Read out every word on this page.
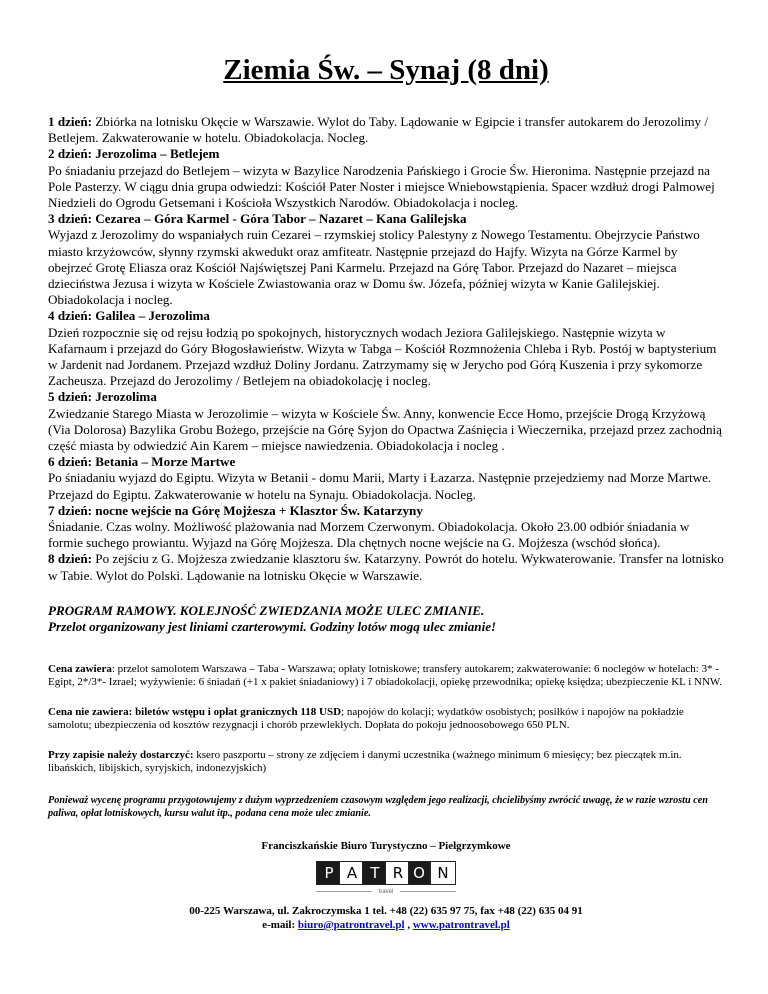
Ziemia Św. – Synaj (8 dni)

1 dzień: Zbiórka na lotnisku Okęcie w Warszawie. Wylot do Taby. Lądowanie w Egipcie i transfer autokarem do Jerozolimy / Betlejem. Zakwaterowanie w hotelu. Obiadokolacja. Nocleg.

2 dzień: Jerozolima – Betlejem

Po śniadaniu przejazd do Betlejem – wizyta w Bazylice Narodzenia Pańskiego i Grocie Św. Hieronima. Następnie przejazd na Pole Pasterzy. W ciągu dnia grupa odwiedzi: Kościół Pater Noster i miejsce Wniebowstąpienia. Spacer wzdłuż drogi Palmowej Niedzieli do Ogrodu Getsemani i Kościoła Wszystkich Narodów. Obiadokolacja i nocleg.

3 dzień: Cezarea – Góra Karmel - Góra Tabor – Nazaret – Kana Galilejska

Wyjazd z Jerozolimy do wspaniałych ruin Cezarei – rzymskiej stolicy Palestyny z Nowego Testamentu. Obejrzycie Państwo miasto krzyżowców, słynny rzymski akwedukt oraz amfiteatr. Następnie przejazd do Hajfy. Wizyta na Górze Karmel by obejrzeć Grotę Eliasza oraz Kościół Najświętszej Pani Karmelu. Przejazd na Górę Tabor. Przejazd do Nazaret – miejsca dzieciństwa Jezusa i wizyta w Kościele Zwiastowania oraz w Domu św. Józefa, później wizyta w Kanie Galilejskiej. Obiadokolacja i nocleg.

4 dzień: Galilea – Jerozolima

Dzień rozpocznie się od rejsu łodzią po spokojnych, historycznych wodach Jeziora Galilejskiego. Następnie wizyta w Kafarnaum i przejazd do Góry Błogosławieństw. Wizyta w Tabga – Kościół Rozmnożenia Chleba i Ryb. Postój w baptysterium w Jardenit nad Jordanem. Przejazd wzdłuż Doliny Jordanu. Zatrzymamy się w Jerycho pod Górą Kuszenia i przy sykomorze Zacheusza. Przejazd do Jerozolimy / Betlejem na obiadokolację i nocleg.

5 dzień: Jerozolima

Zwiedzanie Starego Miasta w Jerozolimie – wizyta w Kościele Św. Anny, konwencie Ecce Homo, przejście Drogą Krzyżową (Via Dolorosa) Bazylika Grobu Bożego, przejście na Górę Syjon do Opactwa Zaśnięcia i Wieczernika, przejazd przez zachodnią część miasta by odwiedzić Ain Karem – miejsce nawiedzenia. Obiadokolacja i nocleg .

6 dzień: Betania – Morze Martwe

Po śniadaniu wyjazd do Egiptu. Wizyta w Betanii - domu Marii, Marty i Łazarza. Następnie przejedziemy nad Morze Martwe. Przejazd do Egiptu. Zakwaterowanie w hotelu na Synaju. Obiadokolacja. Nocleg.

7 dzień: nocne wejście na Górę Mojżesza + Klasztor Św. Katarzyny

Śniadanie. Czas wolny. Możliwość plażowania nad Morzem Czerwonym. Obiadokolacja. Około 23.00 odbiór śniadania w formie suchego prowiantu. Wyjazd na Górę Mojżesza. Dla chętnych nocne wejście na G. Mojżesza (wschód słońca).

8 dzień: Po zejściu z G. Mojżesza zwiedzanie klasztoru św. Katarzyny. Powrót do hotelu. Wykwaterowanie. Transfer na lotnisko w Tabie. Wylot do Polski. Lądowanie na lotnisku Okęcie w Warszawie.

PROGRAM RAMOWY. KOLEJNOŚĆ ZWIEDZANIA MOŻE ULEC ZMIANIE.

Przelot organizowany jest liniami czarterowymi. Godziny lotów mogą ulec zmianie!

Cena zawiera: przelot samolotem Warszawa – Taba - Warszawa; opłaty lotniskowe; transfery autokarem; zakwaterowanie: 6 noclegów w hotelach: 3* - Egipt, 2*/3*- Izrael; wyżywienie: 6 śniadań (+1 x pakiet śniadaniowy) i 7 obiadokolacji, opiekę przewodnika; opiekę księdza; ubezpieczenie KL i NNW.

Cena nie zawiera: biletów wstępu i opłat granicznych 118 USD; napojów do kolacji; wydatków osobistych; posiłków i napojów na pokładzie samolotu; ubezpieczenia od kosztów rezygnacji i chorób przewlekłych. Dopłata do pokoju jednoosobowego 650 PLN.

Przy zapisie należy dostarczyć: ksero paszportu – strony ze zdjęciem i danymi uczestnika (ważnego minimum 6 miesięcy; bez pieczątek m.in. libańskich, libijskich, syryjskich, indonezyjskich)

Ponieważ wycenę programu przygotowujemy z dużym wyprzedzeniem czasowym względem jego realizacji, chcielibyśmy zwrócić uwagę, że w razie wzrostu cen paliwa, opłat lotniskowych, kursu walut itp., podana cena może ulec zmianie.

Franciszkańskie Biuro Turystyczno – Pielgrzymkowe
P A T R O N
travel
00-225 Warszawa, ul. Zakroczymska 1 tel. +48 (22) 635 97 75, fax +48 (22) 635 04 91
e-mail: biuro@patrontravel.pl , www.patrontravel.pl
